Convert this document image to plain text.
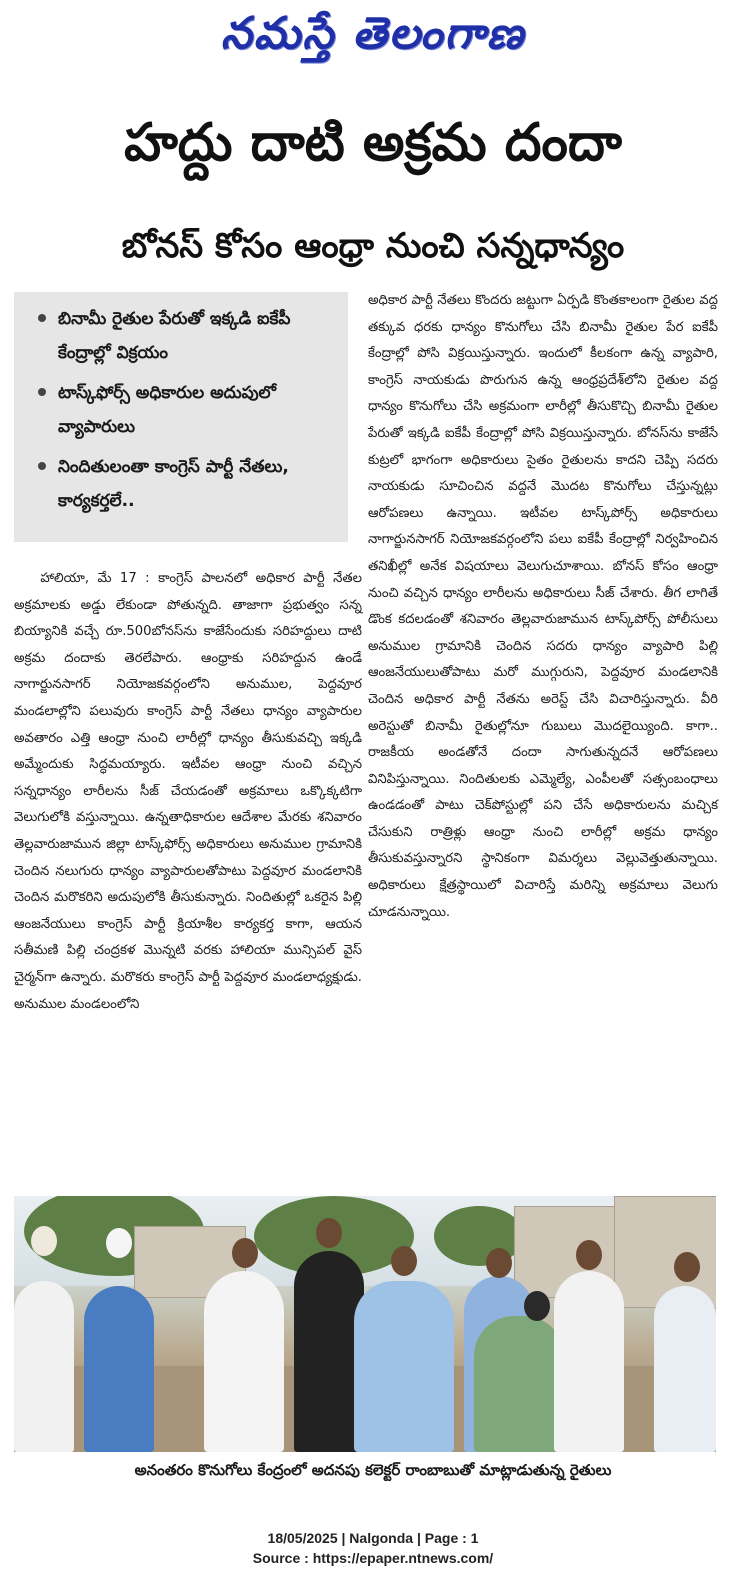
నమస్తే తెలంగాణ
హద్దు దాటి అక్రమ దందా
బోనస్ కోసం ఆంధ్రా నుంచి సన్నధాన్యం
బినామీ రైతుల పేరుతో ఇక్కడి ఐకేపీ కేంద్రాల్లో విక్రయం
టాస్క్‌ఫోర్స్ అధికారుల అదుపులో వ్యాపారులు
నిందితులంతా కాంగ్రెస్ పార్టీ నేతలు, కార్యకర్తలే..
అధికార పార్టీ నేతలు కొందరు జట్టుగా ఏర్పడి కొంతకాలంగా రైతుల వద్ద తక్కువ ధరకు ధాన్యం కొనుగోలు చేసి బినామీ రైతుల పేర ఐకేపీ కేంద్రాల్లో పోసి విక్రయిస్తున్నారు. ఇందులో కీలకంగా ఉన్న వ్యాపారి, కాంగ్రెస్ నాయకుడు పొరుగున ఉన్న ఆంధ్రప్రదేశ్‌లోని రైతుల వద్ద ధాన్యం కొనుగోలు చేసి అక్రమంగా లారీల్లో తీసుకొచ్చి బినామీ రైతుల పేరుతో ఇక్కడి ఐకేపీ కేంద్రాల్లో పోసి విక్రయిస్తున్నారు. బోనస్‌ను కాజేసే కుట్రలో భాగంగా అధికారులు సైతం రైతులను కాదని చెప్పి సదరు నాయకుడు సూచించిన వద్దనే మొదట కొనుగోలు చేస్తున్నట్లు ఆరోపణలు ఉన్నాయి. ఇటీవల టాస్క్‌పోర్స్ అధికారులు నాగార్జునసాగర్ నియోజకవర్గంలోని పలు ఐకేపీ కేంద్రాల్లో నిర్వహించిన తనిఖీల్లో అనేక విషయాలు వెలుగుచూశాయి. బోనస్ కోసం ఆంధ్రా నుంచి వచ్చిన ధాన్యం లారీలను అధికారులు సీజ్ చేశారు. తీగ లాగితే డొంక కదలడంతో శనివారం తెల్లవారుజామున టాస్క్‌పోర్స్ పోలీసులు అనుముల గ్రామానికి చెందిన సదరు ధాన్యం వ్యాపారి పిల్లి ఆంజనేయులుతోపాటు మరో ముగ్గురుని, పెద్దవూర మండలానికి చెందిన అధికార పార్టీ నేతను అరెస్ట్ చేసి విచారిస్తున్నారు. వీరి అరెస్టుతో బినామీ రైతుల్లోనూ గుబులు మొదలైయ్యింది. కాగా.. రాజకీయ అండతోనే దందా సాగుతున్నదనే ఆరోపణలు వినిపిస్తున్నాయి. నిందితులకు ఎమ్మెల్యే, ఎంపీలతో సత్సంబంధాలు ఉండడంతో పాటు చెక్‌పోస్టుల్లో పని చేసే అధికారులను మచ్చిక చేసుకుని రాత్రిళ్లు ఆంధ్రా నుంచి లారీల్లో అక్రమ ధాన్యం తీసుకువస్తున్నారని స్థానికంగా విమర్శలు వెల్లువెత్తుతున్నాయి. అధికారులు క్షేత్రస్థాయిలో విచారిస్తే మరిన్ని అక్రమాలు వెలుగు చూడనున్నాయి.
హాలియా, మే 17 : కాంగ్రెస్ పాలనలో అధికార పార్టీ నేతల అక్రమాలకు అడ్డు లేకుండా పోతున్నది. తాజాగా ప్రభుత్వం సన్న బియ్యానికి వచ్చే రూ.500బోనస్‌ను కాజేసేందుకు సరిహద్దులు దాటి అక్రమ దందాకు తెరలేపారు. ఆంధ్రాకు సరిహద్దున ఉండే నాగార్జునసాగర్ నియోజకవర్గంలోని అనుముల, పెద్దవూర మండలాల్లోని పలువురు కాంగ్రెస్ పార్టీ నేతలు ధాన్యం వ్యాపారుల అవతారం ఎత్తి ఆంధ్రా నుంచి లారీల్లో ధాన్యం తీసుకువచ్చి ఇక్కడి అమ్మేందుకు సిద్ధమయ్యారు. ఇటీవల ఆంధ్రా నుంచి వచ్చిన సన్నధాన్యం లారీలను సీజ్ చేయడంతో అక్రమాలు ఒక్కొక్కటిగా వెలుగులోకి వస్తున్నాయి. ఉన్నతాధికారుల ఆదేశాల మేరకు శనివారం తెల్లవారుజామున జిల్లా టాస్క్‌ఫోర్స్ అధికారులు అనుముల గ్రామానికి చెందిన నలుగురు ధాన్యం వ్యాపారులతోపాటు పెద్దవూర మండలానికి చెందిన మరొకరిని అదుపులోకి తీసుకున్నారు. నిందితుల్లో ఒకరైన పిల్లి ఆంజనేయులు కాంగ్రెస్ పార్టీ క్రియాశీల కార్యకర్త కాగా, ఆయన సతీమణి పిల్లి చంద్రకళ మొన్నటి వరకు హాలియా మున్సిపల్ వైస్ చైర్మన్‌గా ఉన్నారు. మరొకరు కాంగ్రెస్ పార్టీ పెద్దవూర మండలాధ్యక్షుడు. అనుముల మండలంలోని
అనంతరం కొనుగోలు కేంద్రంలో అదనపు కలెక్టర్ రాంబాబుతో మాట్లాడుతున్న రైతులు
18/05/2025 | Nalgonda | Page : 1
Source : https://epaper.ntnews.com/
